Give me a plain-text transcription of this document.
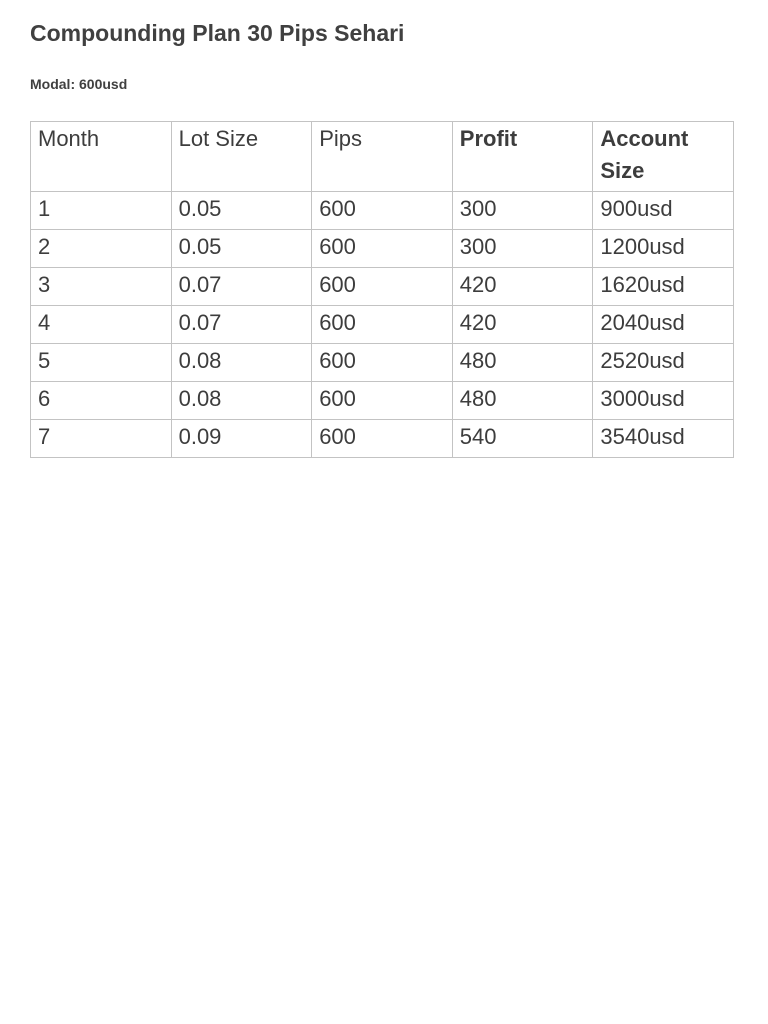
Compounding Plan 30 Pips Sehari

Modal: 600usd

Month	Lot Size	Pips	Profit	Account Size
1	0.05	600	300	900usd
2	0.05	600	300	1200usd
3	0.07	600	420	1620usd
4	0.07	600	420	2040usd
5	0.08	600	480	2520usd
6	0.08	600	480	3000usd
7	0.09	600	540	3540usd
